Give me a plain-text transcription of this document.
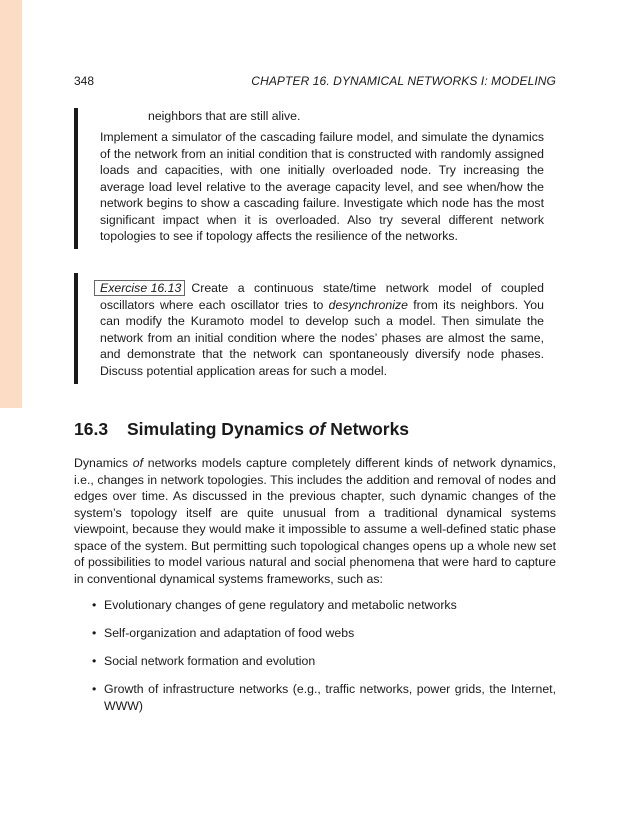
348	CHAPTER 16. DYNAMICAL NETWORKS I: MODELING
neighbors that are still alive.
Implement a simulator of the cascading failure model, and simulate the dynamics of the network from an initial condition that is constructed with randomly assigned loads and capacities, with one initially overloaded node. Try increasing the average load level relative to the average capacity level, and see when/how the network begins to show a cascading failure. Investigate which node has the most significant impact when it is overloaded. Also try several different network topologies to see if topology affects the resilience of the networks.
Exercise 16.13 Create a continuous state/time network model of coupled oscillators where each oscillator tries to desynchronize from its neighbors. You can modify the Kuramoto model to develop such a model. Then simulate the network from an initial condition where the nodes’ phases are almost the same, and demonstrate that the network can spontaneously diversify node phases. Discuss potential application areas for such a model.
16.3 Simulating Dynamics of Networks
Dynamics of networks models capture completely different kinds of network dynamics, i.e., changes in network topologies. This includes the addition and removal of nodes and edges over time. As discussed in the previous chapter, such dynamic changes of the system’s topology itself are quite unusual from a traditional dynamical systems viewpoint, because they would make it impossible to assume a well-defined static phase space of the system. But permitting such topological changes opens up a whole new set of possibilities to model various natural and social phenomena that were hard to capture in conventional dynamical systems frameworks, such as:
• Evolutionary changes of gene regulatory and metabolic networks
• Self-organization and adaptation of food webs
• Social network formation and evolution
• Growth of infrastructure networks (e.g., traffic networks, power grids, the Internet, WWW)
